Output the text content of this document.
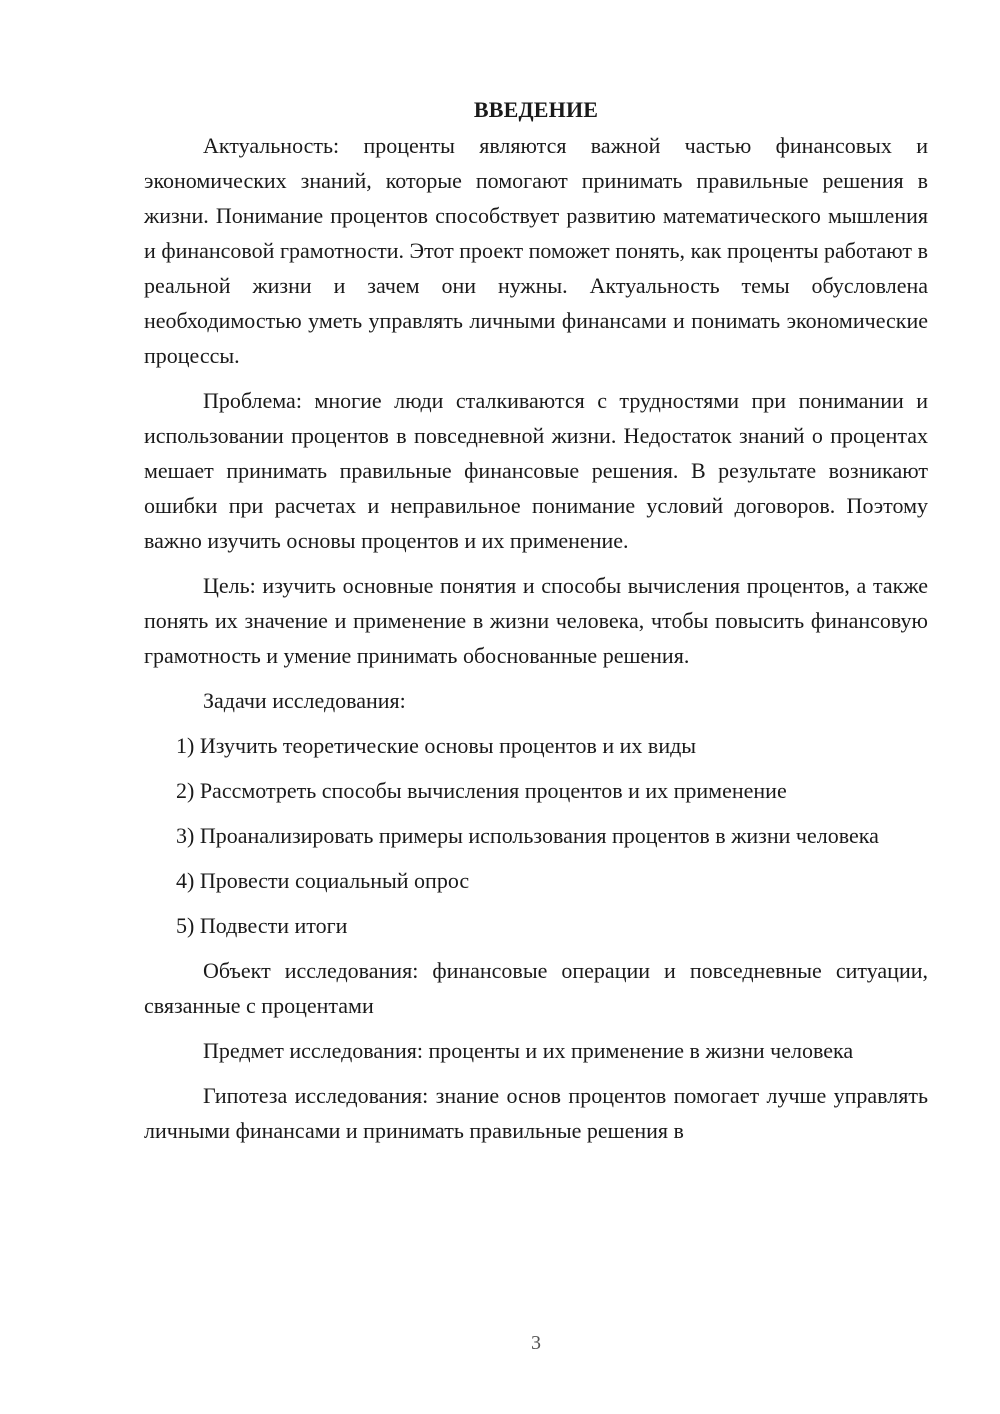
ВВЕДЕНИЕ

Актуальность: проценты являются важной частью финансовых и экономических знаний, которые помогают принимать правильные решения в жизни. Понимание процентов способствует развитию математического мышления и финансовой грамотности. Этот проект поможет понять, как проценты работают в реальной жизни и зачем они нужны. Актуальность темы обусловлена необходимостью уметь управлять личными финансами и понимать экономические процессы.

Проблема: многие люди сталкиваются с трудностями при понимании и использовании процентов в повседневной жизни. Недостаток знаний о процентах мешает принимать правильные финансовые решения. В результате возникают ошибки при расчетах и неправильное понимание условий договоров. Поэтому важно изучить основы процентов и их применение.

Цель: изучить основные понятия и способы вычисления процентов, а также понять их значение и применение в жизни человека, чтобы повысить финансовую грамотность и умение принимать обоснованные решения.

Задачи исследования:

1) Изучить теоретические основы процентов и их виды

2) Рассмотреть способы вычисления процентов и их применение

3) Проанализировать примеры использования процентов в жизни человека

4) Провести социальный опрос

5) Подвести итоги

Объект исследования: финансовые операции и повседневные ситуации, связанные с процентами

Предмет исследования: проценты и их применение в жизни человека

Гипотеза исследования: знание основ процентов помогает лучше управлять личными финансами и принимать правильные решения в

3
